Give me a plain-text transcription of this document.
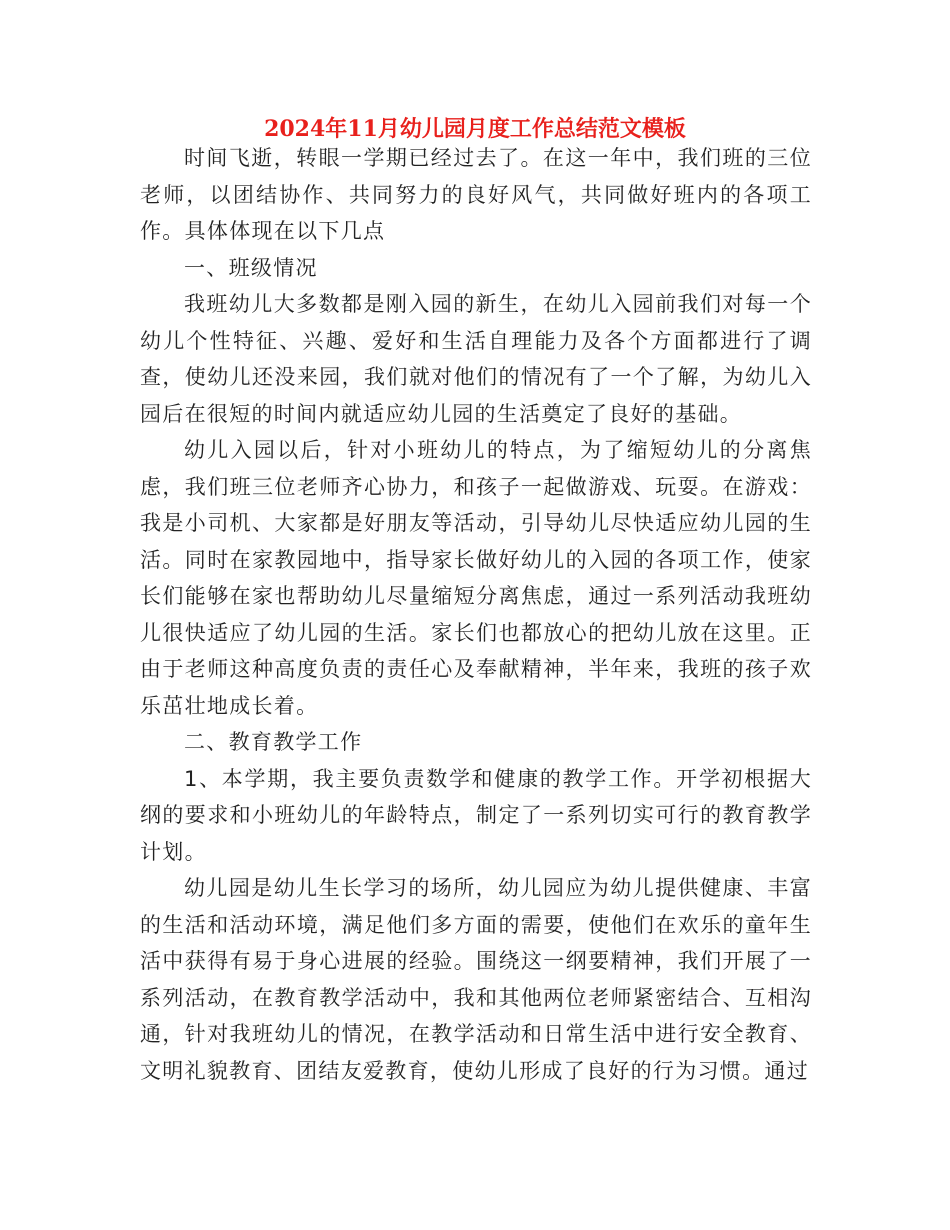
2024年11月幼儿园月度工作总结范文模板

时间飞逝，转眼一学期已经过去了。在这一年中，我们班的三位老师，以团结协作、共同努力的良好风气，共同做好班内的各项工作。具体体现在以下几点

一、班级情况

我班幼儿大多数都是刚入园的新生，在幼儿入园前我们对每一个幼儿个性特征、兴趣、爱好和生活自理能力及各个方面都进行了调查，使幼儿还没来园，我们就对他们的情况有了一个了解，为幼儿入园后在很短的时间内就适应幼儿园的生活奠定了良好的基础。

幼儿入园以后，针对小班幼儿的特点，为了缩短幼儿的分离焦虑，我们班三位老师齐心协力，和孩子一起做游戏、玩耍。在游戏：我是小司机、大家都是好朋友等活动，引导幼儿尽快适应幼儿园的生活。同时在家教园地中，指导家长做好幼儿的入园的各项工作，使家长们能够在家也帮助幼儿尽量缩短分离焦虑，通过一系列活动我班幼儿很快适应了幼儿园的生活。家长们也都放心的把幼儿放在这里。正由于老师这种高度负责的责任心及奉献精神，半年来，我班的孩子欢乐茁壮地成长着。

二、教育教学工作

1、本学期，我主要负责数学和健康的教学工作。开学初根据大纲的要求和小班幼儿的年龄特点，制定了一系列切实可行的教育教学计划。

幼儿园是幼儿生长学习的场所，幼儿园应为幼儿提供健康、丰富的生活和活动环境，满足他们多方面的需要，使他们在欢乐的童年生活中获得有易于身心进展的经验。围绕这一纲要精神，我们开展了一系列活动，在教育教学活动中，我和其他两位老师紧密结合、互相沟通，针对我班幼儿的情况，在教学活动和日常生活中进行安全教育、文明礼貌教育、团结友爱教育，使幼儿形成了良好的行为习惯。通过
